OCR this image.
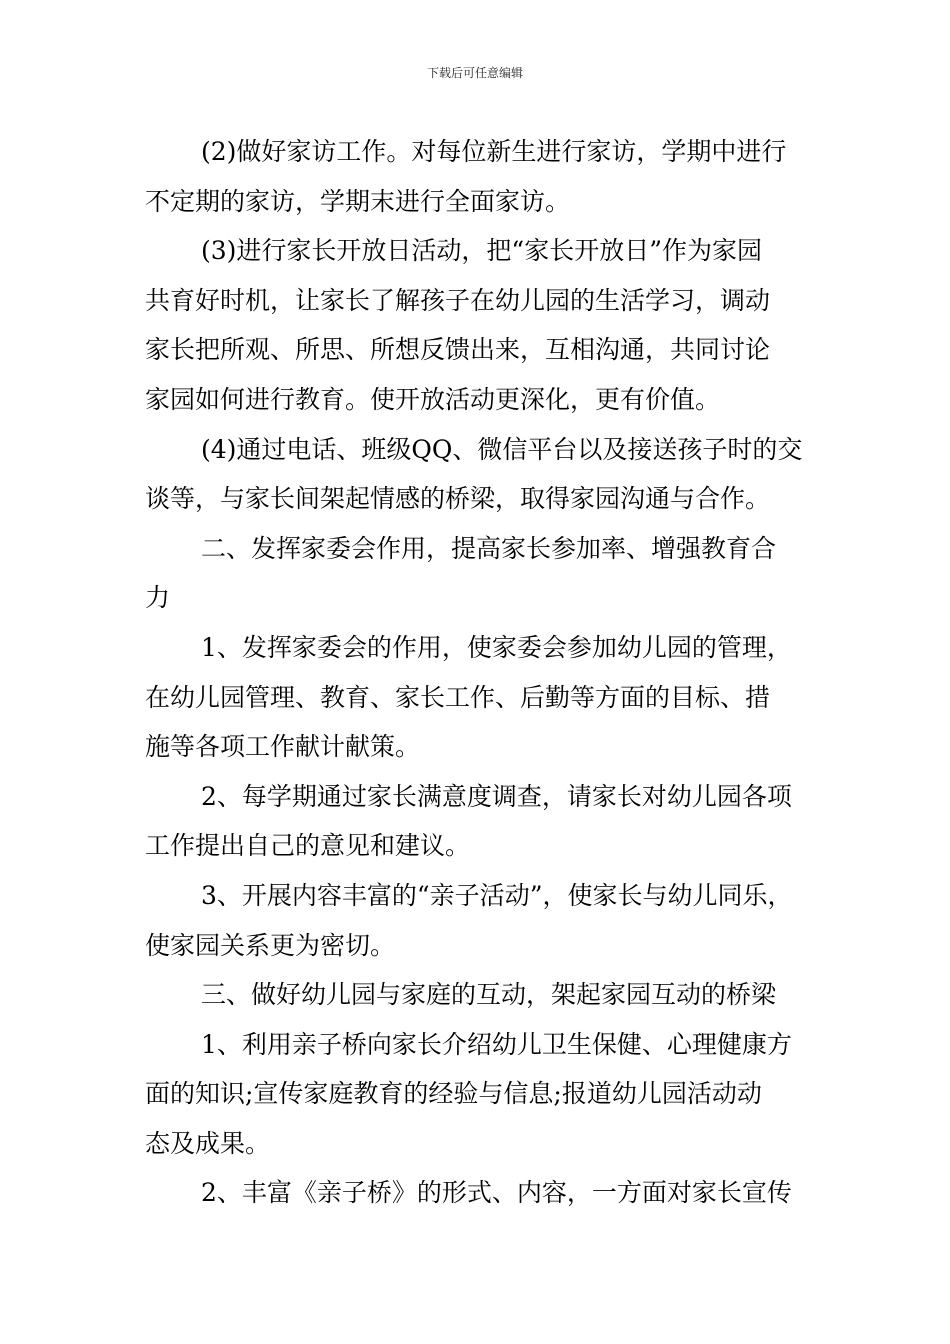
下载后可任意编辑

(2)做好家访工作。对每位新生进行家访，学期中进行
不定期的家访，学期末进行全面家访。

(3)进行家长开放日活动，把“家长开放日”作为家园
共育好时机，让家长了解孩子在幼儿园的生活学习，调动
家长把所观、所思、所想反馈出来，互相沟通，共同讨论
家园如何进行教育。使开放活动更深化，更有价值。

(4)通过电话、班级QQ、微信平台以及接送孩子时的交
谈等，与家长间架起情感的桥梁，取得家园沟通与合作。

二、发挥家委会作用，提高家长参加率、增强教育合
力

1、发挥家委会的作用，使家委会参加幼儿园的管理，
在幼儿园管理、教育、家长工作、后勤等方面的目标、措
施等各项工作献计献策。

2、每学期通过家长满意度调查，请家长对幼儿园各项
工作提出自己的意见和建议。

3、开展内容丰富的“亲子活动”，使家长与幼儿同乐，
使家园关系更为密切。

三、做好幼儿园与家庭的互动，架起家园互动的桥梁

1、利用亲子桥向家长介绍幼儿卫生保健、心理健康方
面的知识;宣传家庭教育的经验与信息;报道幼儿园活动动
态及成果。

2、丰富《亲子桥》的形式、内容，一方面对家长宣传
